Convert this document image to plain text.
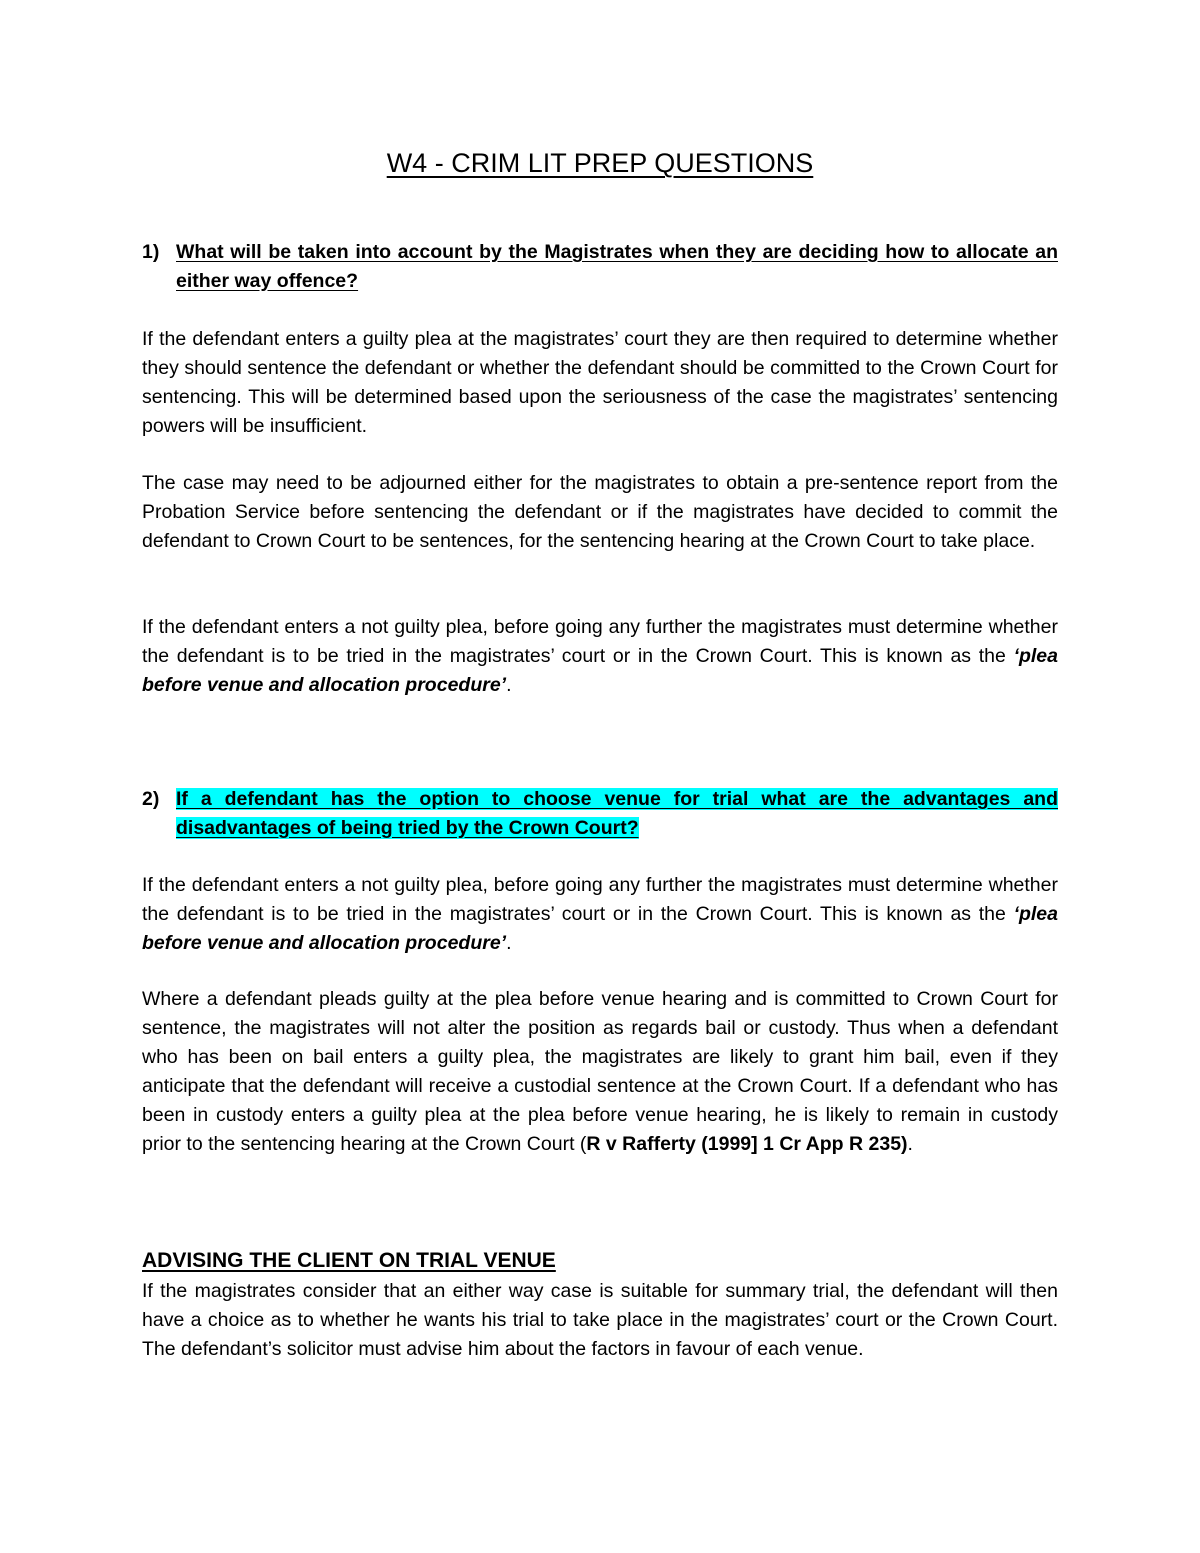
W4 - CRIM LIT PREP QUESTIONS
1) What will be taken into account by the Magistrates when they are deciding how to allocate an either way offence?

If the defendant enters a guilty plea at the magistrates’ court they are then required to determine whether they should sentence the defendant or whether the defendant should be committed to the Crown Court for sentencing. This will be determined based upon the seriousness of the case the magistrates’ sentencing powers will be insufficient.

The case may need to be adjourned either for the magistrates to obtain a pre-sentence report from the Probation Service before sentencing the defendant or if the magistrates have decided to commit the defendant to Crown Court to be sentences, for the sentencing hearing at the Crown Court to take place.

If the defendant enters a not guilty plea, before going any further the magistrates must determine whether the defendant is to be tried in the magistrates’ court or in the Crown Court. This is known as the ‘plea before venue and allocation procedure’.

2) If a defendant has the option to choose venue for trial what are the advantages and disadvantages of being tried by the Crown Court?

If the defendant enters a not guilty plea, before going any further the magistrates must determine whether the defendant is to be tried in the magistrates’ court or in the Crown Court. This is known as the ‘plea before venue and allocation procedure’.

Where a defendant pleads guilty at the plea before venue hearing and is committed to Crown Court for sentence, the magistrates will not alter the position as regards bail or custody. Thus when a defendant who has been on bail enters a guilty plea, the magistrates are likely to grant him bail, even if they anticipate that the defendant will receive a custodial sentence at the Crown Court. If a defendant who has been in custody enters a guilty plea at the plea before venue hearing, he is likely to remain in custody prior to the sentencing hearing at the Crown Court (R v Rafferty (1999] 1 Cr App R 235).

ADVISING THE CLIENT ON TRIAL VENUE

If the magistrates consider that an either way case is suitable for summary trial, the defendant will then have a choice as to whether he wants his trial to take place in the magistrates’ court or the Crown Court. The defendant’s solicitor must advise him about the factors in favour of each venue.
